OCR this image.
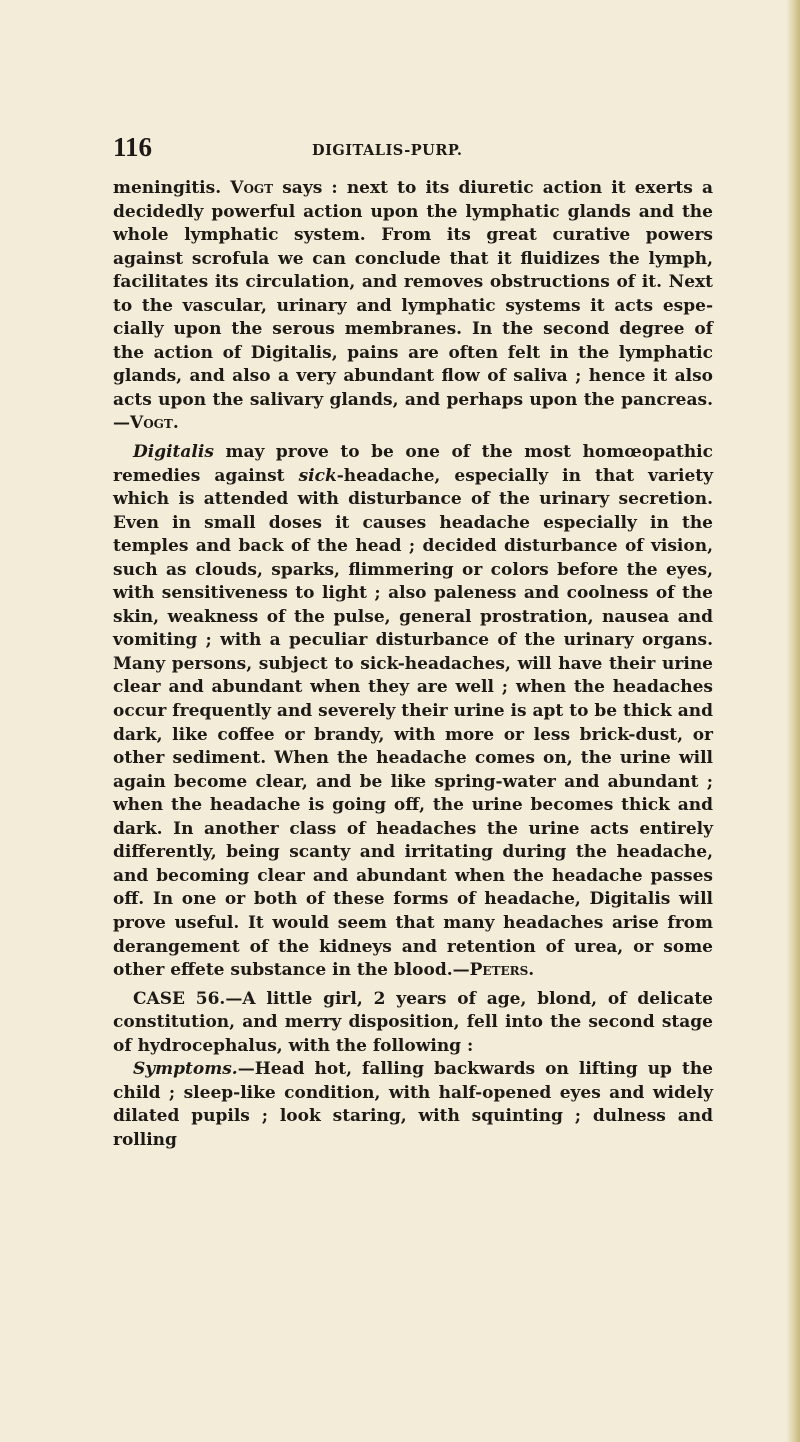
116	DIGITALIS-PURP.

meningitis. Vogt says : next to its diuretic action it exerts a decidedly powerful action upon the lymphatic glands and the whole lymphatic system. From its great curative powers against scrofula we can conclude that it fluidizes the lymph, facilitates its circulation, and removes obstructions of it. Next to the vascular, urinary and lymphatic systems it acts especially upon the serous membranes. In the second degree of the action of Digitalis, pains are often felt in the lymphatic glands, and also a very abundant flow of saliva ; hence it also acts upon the salivary glands, and perhaps upon the pancreas.—Vogt.

Digitalis may prove to be one of the most homœopathic remedies against sick-headache, especially in that variety which is attended with disturbance of the urinary secretion. Even in small doses it causes headache especially in the temples and back of the head ; decided disturbance of vision, such as clouds, sparks, flimmering or colors before the eyes, with sensitiveness to light ; also paleness and coolness of the skin, weakness of the pulse, general prostration, nausea and vomiting ; with a peculiar disturbance of the urinary organs. Many persons, subject to sick-headaches, will have their urine clear and abundant when they are well ; when the headaches occur frequently and severely their urine is apt to be thick and dark, like coffee or brandy, with more or less brick-dust, or other sediment. When the headache comes on, the urine will again become clear, and be like spring-water and abundant ; when the headache is going off, the urine becomes thick and dark. In another class of headaches the urine acts entirely differently, being scanty and irritating during the headache, and becoming clear and abundant when the headache passes off. In one or both of these forms of headache, Digitalis will prove useful. It would seem that many headaches arise from derangement of the kidneys and retention of urea, or some other effete substance in the blood.—Peters.

CASE 56.—A little girl, 2 years of age, blond, of delicate constitution, and merry disposition, fell into the second stage of hydrocephalus, with the following :

Symptoms.—Head hot, falling backwards on lifting up the child ; sleep-like condition, with half-opened eyes and widely dilated pupils ; look staring, with squinting ; dulness and rolling
